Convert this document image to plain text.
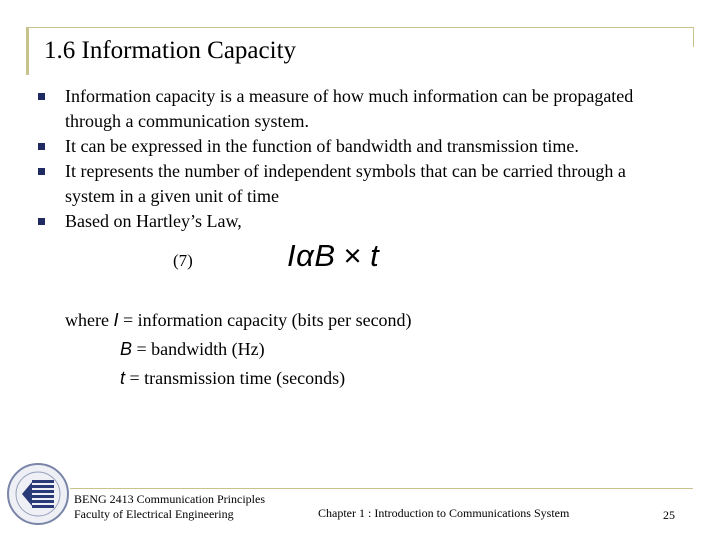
1.6 Information Capacity
Information capacity is a measure of how much information can be propagated through a communication system.
It can be expressed in the function of bandwidth and transmission time.
It represents the number of independent symbols that can be carried through a system in a given unit of time
Based on Hartley’s Law,
(7)	IαB × t
where I = information capacity (bits per second)
B = bandwidth (Hz)
t = transmission time (seconds)
BENG 2413 Communication Principles
Faculty of Electrical Engineering	Chapter 1 : Introduction to Communications System	25
